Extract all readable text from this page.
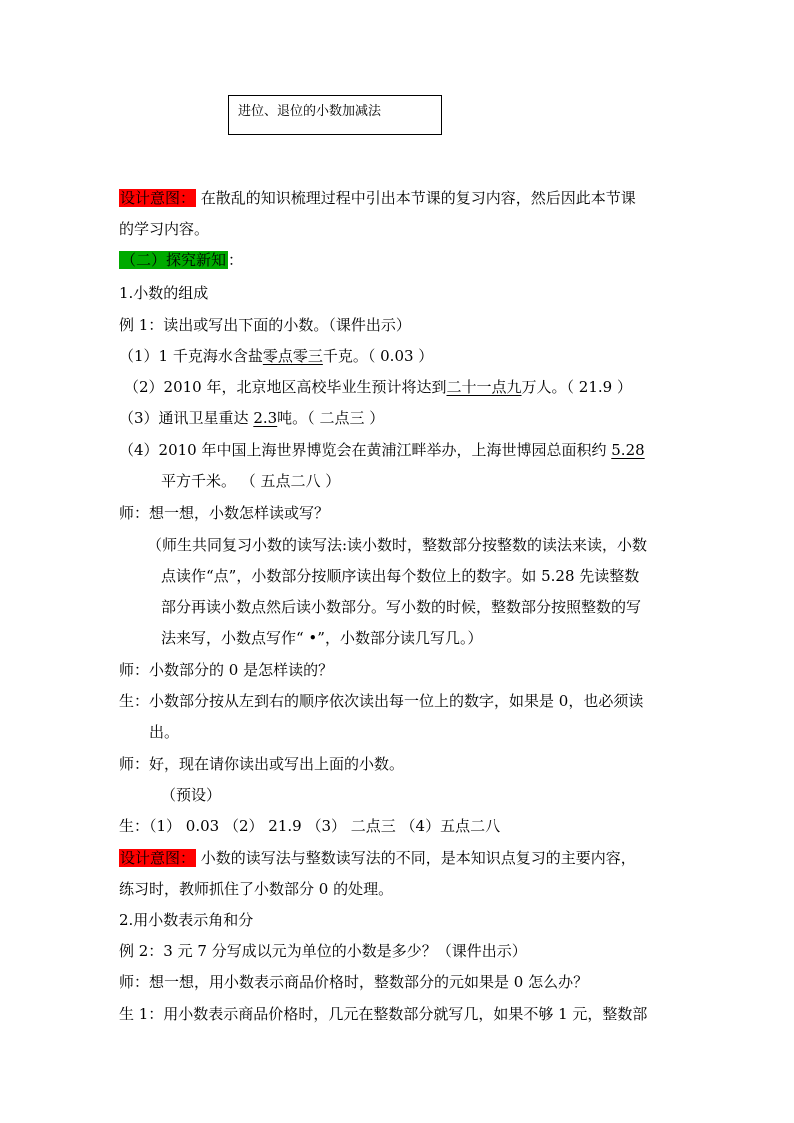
进位、退位的小数加减法
设计意图： 在散乱的知识梳理过程中引出本节课的复习内容，然后因此本节课
的学习内容。
（二）探究新知 ：
1.小数的组成
例 1：读出或写出下面的小数。（课件出示）
（1）1 千克海水含盐零点零三千克。（ 0.03 ）
（2）2010 年，北京地区高校毕业生预计将达到二十一点九万人。（ 21.9 ）
（3）通讯卫星重达 2.3吨。（ 二点三 ）
（4）2010 年中国上海世界博览会在黄浦江畔举办，上海世博园总面积约 5.28
平方千米。 （ 五点二八 ）
师：想一想，小数怎样读或写？
（师生共同复习小数的读写法:读小数时，整数部分按整数的读法来读，小数
点读作“点”，小数部分按顺序读出每个数位上的数字。如 5.28 先读整数
部分再读小数点然后读小数部分。写小数的时候，整数部分按照整数的写
法来写，小数点写作“ •”，小数部分读几写几。）
师：小数部分的 0 是怎样读的？
生：小数部分按从左到右的顺序依次读出每一位上的数字，如果是 0，也必须读
出。
师：好，现在请你读出或写出上面的小数。
（预设）
生：（1） 0.03 （2） 21.9 （3） 二点三 （4）五点二八
设计意图： 小数的读写法与整数读写法的不同，是本知识点复习的主要内容，
练习时，教师抓住了小数部分 0 的处理。
2.用小数表示角和分
例 2：3 元 7 分写成以元为单位的小数是多少？（课件出示）
师：想一想，用小数表示商品价格时，整数部分的元如果是 0 怎么办？
生 1：用小数表示商品价格时，几元在整数部分就写几，如果不够 1 元，整数部
